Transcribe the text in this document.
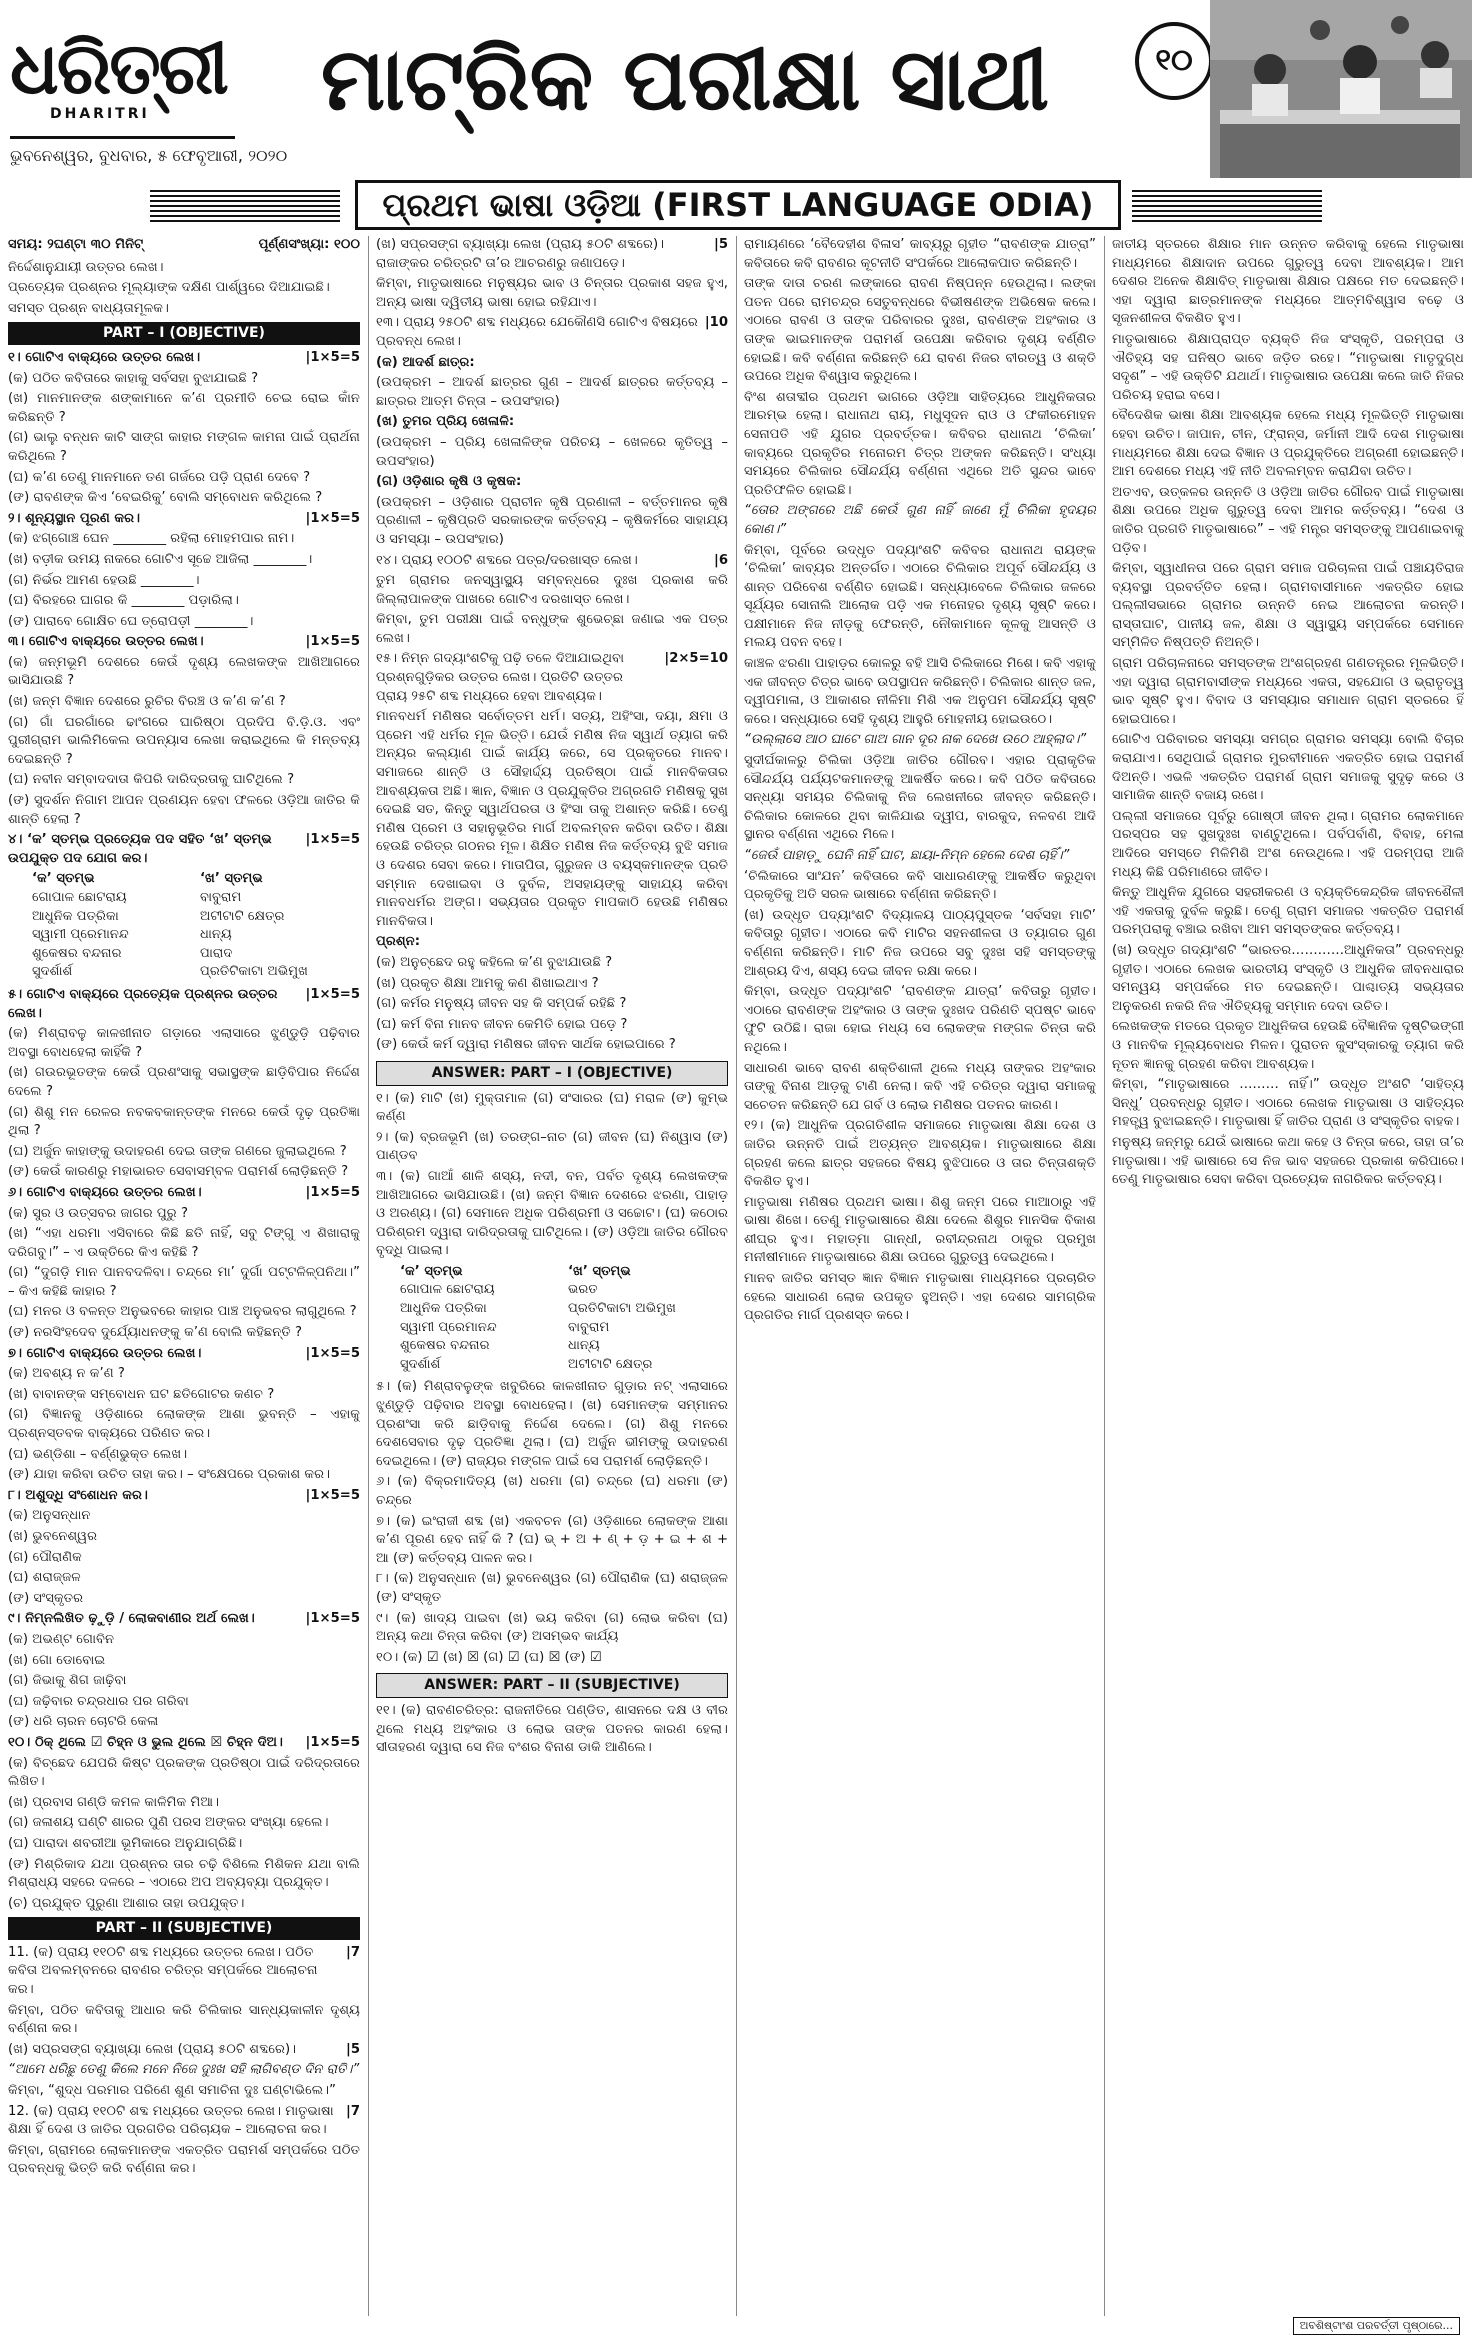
ଧରିତ୍ରୀ
DHARITRI
ଭୁବନେଶ୍ୱର, ବୁଧବାର, ୫ ଫେବୃଆରୀ, ୨୦୨୦
ମାଟ୍ରିକ ପରୀକ୍ଷା ସାଥୀ	୧୦
ପ୍ରଥମ ଭାଷା ଓଡ଼ିଆ (FIRST LANGUAGE ODIA)
ସମୟ: ୨ଘଣ୍ଟା ୩୦ ମିନିଟ୍	ପୂର୍ଣ୍ଣସଂଖ୍ୟା: ୧୦୦

ନିର୍ଦ୍ଦେଶାନୁଯାୟୀ ଉତ୍ତର ଲେଖ।

ପ୍ରତ୍ୟେକ ପ୍ରଶ୍ନର ମୂଲ୍ୟାଙ୍କ ଦକ୍ଷିଣ ପାର୍ଶ୍ୱରେ ଦିଆଯାଇଛି।

ସମସ୍ତ ପ୍ରଶ୍ନ ବାଧ୍ୟତାମୂଳକ।

PART – I (OBJECTIVE)
୧। ଗୋଟିଏ ବାକ୍ୟରେ ଉତ୍ତର ଲେଖ।	|1×5=5

(କ) ପଠିତ କବିତାରେ କାହାକୁ ସର୍ବସହା ବୁଝାଯାଇଛି ?

(ଖ) ମାନମାନଙ୍କ ଶଙ୍କାମାନେ କ’ଣ ପ୍ରମୀତି ଚେଇ ରୋଇ କାଁନ କରିଛନ୍ତି ?

(ଗ) ଭାଲୁ ବନ୍ଧନ କାଟି ସାଙ୍ଗ କାହାର ମଙ୍ଗଳ କାମନା ପାଇଁ ପ୍ରାର୍ଥନା କରିଥିଲେ ?

(ଘ) କ’ଣ ତେଣୁ ମାନମାନେ ତଣ ଗର୍ଜରେ ପଡ଼ି ପ୍ରାଣ ଦେବେ ?

(ଙ) ରାବଣଙ୍କ କିଏ ‘ବେଇରିକୁ’ ବୋଲି ସମ୍ବୋଧନ କରିଥିଲେ ?

୨। ଶୂନ୍ୟସ୍ଥାନ ପୂରଣ କର।	|1×5=5

(କ) ଝଗ୍ଗୋଞ୍ଚ ଘେନ ________ ରହିଲା ମୋହମପାର ନାମ।

(ଖ) ବଡ଼ୀକ ଉମୟ ନାକରେ ଗୋଟିଏ ସୂଚ୍ଚେ ଆଜିଲା ________।

(ଗ) ନିର୍ଭର ଆମଣ ହେଉଛି ________।

(ଘ) ବିରହରେ ଘାଗର କି ________ ପଡ଼ାରିଲା।

(ଙ) ପାରାବେ ଗୋକ୍ଷିଚ ଘେ ତ୍ରୋପଡ଼ୀ ________।

୩। ଗୋଟିଏ ବାକ୍ୟରେ ଉତ୍ତର ଲେଖ।	|1×5=5

(କ) ଜନ୍ମଭୂମି ଦେଶରେ କେଉଁ ଦୃଶ୍ୟ ଲେଖକଙ୍କ ଆଖିଆଗରେ ଭାସିଯାଉଛି ?

(ଖ) ଜନ୍ମ ବିଜ୍ଞାନ ଦେଶରେ ରୁଚିର ବିରଞ୍ଚ ଓ କ’ଣ କ’ଣ ?

(ଗ) ଗାଁ ଘରଗାଁରେ ଢାଂଗରେ ଘାରିଷ୍ଠା ପ୍ରଦିପ ବି.ଡ଼ି.ଓ. ଏବଂ ପୁରୀଗ୍ରାମ ଭାଲିମିକେଲ ଉପନ୍ୟାସ ଲେଖା କରାଇଥିଲେ କି ମନ୍ତବ୍ୟ ଦେଇଛନ୍ତି ?

(ଘ) ନବୀନ ସମ୍ବାଦଦାତା କିପରି ଦାରିଦ୍ରତାକୁ ଘାଟିଥିଲେ ?

(ଙ) ସୁଦର୍ଶନ ନିଗାମ ଆପନ ପ୍ରଣୟନ ହେବା ଫଳରେ ଓଡ଼ିଆ ଜାତିର କି ଶାନ୍ତି ହେଲା ?

୪। ‘କ’ ସ୍ତମ୍ଭ ପ୍ରତ୍ୟେକ ପଦ ସହିତ ‘ଖ’ ସ୍ତମ୍ଭ ଉପଯୁକ୍ତ ପଦ ଯୋଗ କର।
|1×5=5
‘କ’ ସ୍ତମ୍ଭ	‘ଖ’ ସ୍ତମ୍ଭ
ଗୋପାଳ ଛୋଟରାୟ	ବାବୁରାମ
ଆଧୁନିକ ପତ୍ରିକା	ଅଟୀଟାଟି କ୍ଷେତ୍ର
ସ୍ୱାମୀ ପ୍ରେମାନନ୍ଦ	ଧାନ୍ୟ
ଶୁକେଷର ବନ୍ଦନାର	ପାରାଦ
ସୁଦର୍ଶାର୍ଶ	ପ୍ରତିଟିକାଟା ଅଭିମୁଖ
୫। ଗୋଟିଏ ବାକ୍ୟରେ ପ୍ରତ୍ୟେକ ପ୍ରଶ୍ନର ଉତ୍ତର ଲେଖ।
|1×5=5

(କ) ମିଶ୍ରାବଳୁ କାଳଖୀନାତ ଗଡ଼ାରେ ଏଲାସାରେ ଝୁଣ୍ଡୁଡ଼ି ପଢ଼ିବାର ଅବସ୍ଥା ବୋଧହେଲା କାହିଁକି ?

(ଖ) ଗଉରଭୂତଙ୍କ କେଉଁ ପ୍ରଶଂସାକୁ ସଭାସ୍ଥଙ୍କ ଛାଡ଼ିବିପାର ନିର୍ଦ୍ଦେଶ ଦେଲେ ?

(ଗ) ଶିଶୁ ମନ ରେଳର ନବକବକାନ୍ତଙ୍କ ମନରେ କେଉଁ ଦୃଢ଼ ପ୍ରତିଜ୍ଞା ଥିଲା ?

(ଘ) ଅର୍ଜୁନ କାହାଙ୍କୁ ଉଦାହରଣ ଦେଇ ତାଙ୍କ ଗଣରେ ଜୁଲାଇଥିଲେ ?

(ଙ) କେଉଁ କାରଣରୁ ମହାଭାରତ ସେବାସମ୍ବଳ ପରାମର୍ଶ ଲୋଡ଼ିଛନ୍ତି ?

୬। ଗୋଟିଏ ବାକ୍ୟରେ ଉତ୍ତର ଲେଖ।	|1×5=5

(କ) ସୁର ଓ ଉତ୍ସବର ଜାଗର ପୁରୁ ?

(ଖ) “ଏହା ଧରମା ଏସିବାରେ କିଛି ଛତି ନାହିଁ, ସବୁ ଟିଙ୍ଗୁ ଏ ଶିଖାରାକୁ ଦରିଗବୁ।” – ଏ ଉକ୍ତିରେ କିଏ କହିଛି ?

(ଗ) “ଦୁଗଡ଼ି ମାନ ପାନବଦଳିବା। ଚନ୍ଦ୍ରେ ମା’ ଦୁର୍ଗା ପଟ୍ଟଳିଳ୍ପନିଥା।” – କିଏ କହିଛି କାହାର ?

(ଘ) ମନର ଓ ବଳନ୍ତ ଅନୁଭବରେ କାହାର ପାଞ୍ଚ ଅନୁଭବର ଲାଗୁଥିଲେ ?

(ଙ) ନରସିଂହଦେବ ଦୁର୍ଯ୍ୟୋଧନଙ୍କୁ କ’ଣ ବୋଲି କହିଛନ୍ତି ?

୭। ଗୋଟିଏ ବାକ୍ୟରେ ଉତ୍ତର ଲେଖ।	|1×5=5

(କ) ଅବଶ୍ୟ ନ କ’ଣ ?

(ଖ) ବାବାନଙ୍କ ସମ୍ବୋଧନ ଘଟ ଛତିଗୋଟର କଣଚ ?

(ଗ) ବିଜ୍ଞାନକୁ ଓଡ଼ିଶାରେ ଲୋକଙ୍କ ଆଶା ଭୁବନ୍ତି – ଏହାକୁ ପ୍ରଶ୍ନସ୍ତବକ ବାକ୍ୟରେ ପରିଣତ କର।

(ଘ) ଭଣ୍ଡିଶା – ବର୍ଣ୍ଣଭୁକ୍ତ ଲେଖ।

(ଙ) ଯାହା କରିବା ଉଚିତ ତାହା କର। – ସଂକ୍ଷେପରେ ପ୍ରକାଶ କର।

୮। ଅଶୁଦ୍ଧି ସଂଶୋଧନ କର।	|1×5=5

(କ) ଅନୁସନ୍ଧାନ

(ଖ) ଭୁବନେଶ୍ୱର

(ଗ) ପୌରାଣିକ

(ଘ) ଶରାଜ୍ଜଳ

(ଙ) ସଂସ୍କୃତର

୯। ନିମ୍ନଲିଖିତ ଢ଼ୁଡ଼ି / ଲୋକବାଣୀର ଅର୍ଥ ଲେଖ।	|1×5=5

(କ) ଅଭଣ୍ଟ ଗୋବିନ

(ଖ) ଗୋ ଡୋବୋଇ

(ଗ) ଜିଭାକୁ ଶିଗ ଜାଢ଼ିବା

(ଘ) ଜଢ଼ିବାର ଚନ୍ଦ୍ରଧାର ପର ଗରିବା

(ଙ) ଧରି ଚାରନ ଚୋଟରି କେଳା

୧୦। ଠିକ୍ ଥିଲେ ☑ ଚିହ୍ନ ଓ ଭୁଲ ଥିଲେ ☒ ଚିହ୍ନ ଦିଅ।	|1×5=5

(କ) ବିଚ୍ଛେଦ ଯେପରି କିଷ୍ଟ ପ୍ରକଙ୍କ ପ୍ରତିଷ୍ଠା ପାଇଁ ଦରିଦ୍ରତାରେ ଲିଖିତ।

(ଖ) ପ୍ରବାସ ଗଣ୍ଡି କମଳ କାଳିମିକ ମିଆ।

(ଗ) ଜଳାଶୟ ଘଣ୍ଟି ଶାରର ପୁଣି ପରସ ଅଙ୍କର ସଂଖ୍ୟା ହେଲେ।

(ଘ) ପାରାଦା ଶବରୀଆ ଭୂମିକାରେ ଅନୁଯାଗ୍ରିଛି।

(ଙ) ମିଶ୍ରିକାଦ ଯଥା ପ୍ରଶ୍ନର ତାର ଚଢ଼ି ବିଶିଲେ ମିଶିକନ ଯଥା ବାଲି ମିଶ୍ରାଧ୍ୟ ସହରେ ଦଳରେ – ଏଠାରେ ଅପ ଅବ୍ୟବ୍ୟା ପ୍ରଯୁକ୍ତ।

(ଚ) ପ୍ରଯୁକ୍ତ ପୁରୁଣା ଆଶାର ତାହା ଉପଯୁକ୍ତ।

PART – II (SUBJECTIVE)
11. (କ) ପ୍ରାୟ ୧୧୦ଟି ଶବ୍ଦ ମଧ୍ୟରେ ଉତ୍ତର ଲେଖ। ପଠିତ କବିତା ଅବଲମ୍ବନରେ ରାବଣର ଚରିତ୍ର ସମ୍ପର୍କରେ ଆଲୋଚନା କର।
|7

କିମ୍ବା, ପଠିତ କବିତାକୁ ଆଧାର କରି ଚିଲିକାର ସାନ୍ଧ୍ୟକାଳୀନ ଦୃଶ୍ୟ ବର୍ଣ୍ଣନା କର।

(ଖ) ସପ୍ରସଙ୍ଗ ବ୍ୟାଖ୍ୟା ଲେଖ (ପ୍ରାୟ ୫୦ଟି ଶବ୍ଦରେ)।	|5

“ଆମେ ଧରିଛୁ ତେଣୁ କିଲେ ମନେ ନିଜେ ଦୁଃଖ ସହି ଲାଗିବଣ୍ଡ ଦିନ ରାତି।”

କିମ୍ବା, “ଶୁଦ୍ଧ ପରମାର ପରିଣେ ଶୁଣ ସମାଚିନା ଦୁଃ ଘଣ୍ଟାଭିଲେ।”

12. (କ) ପ୍ରାୟ ୧୧୦ଟି ଶବ୍ଦ ମଧ୍ୟରେ ଉତ୍ତର ଲେଖ। ମାତୃଭାଷା ଶିକ୍ଷା ହିଁ ଦେଶ ଓ ଜାତିର ପ୍ରଗତିର ପରିଚାୟକ – ଆଲୋଚନା କର।
|7

କିମ୍ବା, ଗ୍ରାମରେ ଲୋକମାନଙ୍କ ଏକତ୍ରିତ ପରାମର୍ଶ ସମ୍ପର୍କରେ ପଠିତ ପ୍ରବନ୍ଧକୁ ଭିତ୍ତି କରି ବର୍ଣ୍ଣନା କର।

(ଖ) ସପ୍ରସଙ୍ଗ ବ୍ୟାଖ୍ୟା ଲେଖ (ପ୍ରାୟ ୫୦ଟି ଶବ୍ଦରେ)। ରାଜାଙ୍କର ଚରିତ୍ରଟି ତା’ର ଆଚରଣରୁ ଜଣାପଡ଼େ।
|5

କିମ୍ବା, ମାତୃଭାଷାରେ ମନୁଷ୍ୟର ଭାବ ଓ ଚିନ୍ତାର ପ୍ରକାଶ ସହଜ ହୁଏ, ଅନ୍ୟ ଭାଷା ଦ୍ୱିତୀୟ ଭାଷା ହୋଇ ରହିଯାଏ।

୧୩। ପ୍ରାୟ ୨୫୦ଟି ଶବ୍ଦ ମଧ୍ୟରେ ଯେକୌଣସି ଗୋଟିଏ ବିଷୟରେ ପ୍ରବନ୍ଧ ଲେଖ।
|10

(କ) ଆଦର୍ଶ ଛାତ୍ର:

(ଉପକ୍ରମ – ଆଦର୍ଶ ଛାତ୍ରର ଗୁଣ – ଆଦର୍ଶ ଛାତ୍ରର କର୍ତ୍ତବ୍ୟ – ଛାତ୍ରର ଆତ୍ମ ଚିନ୍ତା – ଉପସଂହାର)

(ଖ) ତୁମର ପ୍ରିୟ ଖେଳାଳି:

(ଉପକ୍ରମ – ପ୍ରିୟ ଖେଳାଳିଙ୍କ ପରିଚୟ – ଖେଳରେ କୃତିତ୍ୱ – ଉପସଂହାର)

(ଗ) ଓଡ଼ିଶାର କୃଷି ଓ କୃଷକ:

(ଉପକ୍ରମ – ଓଡ଼ିଶାର ପ୍ରାଚୀନ କୃଷି ପ୍ରଣାଳୀ – ବର୍ତ୍ତମାନର କୃଷି ପ୍ରଣାଳୀ – କୃଷିପ୍ରତି ସରକାରଙ୍କ କର୍ତ୍ତବ୍ୟ – କୃଷିକର୍ମରେ ସାହାଯ୍ୟ ଓ ସମସ୍ୟା – ଉପସଂହାର)

୧୪। ପ୍ରାୟ ୧୦୦ଟି ଶବ୍ଦରେ ପତ୍ର/ଦରଖାସ୍ତ ଲେଖ।	|6

ତୁମ ଗ୍ରାମର ଜନସ୍ୱାସ୍ଥ୍ୟ ସମ୍ବନ୍ଧରେ ଦୁଃଖ ପ୍ରକାଶ କରି ଜିଲ୍ଲାପାଳଙ୍କ ପାଖରେ ଗୋଟିଏ ଦରଖାସ୍ତ ଲେଖ।

କିମ୍ବା, ତୁମ ପରୀକ୍ଷା ପାଇଁ ବନ୍ଧୁଙ୍କ ଶୁଭେଚ୍ଛା ଜଣାଇ ଏକ ପତ୍ର ଲେଖ।

୧୫। ନିମ୍ନ ଗଦ୍ୟାଂଶଟିକୁ ପଢ଼ି ତଳେ ଦିଆଯାଇଥିବା ପ୍ରଶ୍ନଗୁଡ଼ିକର ଉତ୍ତର ଲେଖ। ପ୍ରତିଟି ଉତ୍ତର ପ୍ରାୟ ୨୫ଟି ଶବ୍ଦ ମଧ୍ୟରେ ହେବା ଆବଶ୍ୟକ।
|2×5=10

ମାନବଧର୍ମ ମଣିଷର ସର୍ବୋତ୍ତମ ଧର୍ମ। ସତ୍ୟ, ଅହିଂସା, ଦୟା, କ୍ଷମା ଓ ପ୍ରେମ ଏହି ଧର୍ମର ମୂଳ ଭିତ୍ତି। ଯେଉଁ ମଣିଷ ନିଜ ସ୍ୱାର୍ଥ ତ୍ୟାଗ କରି ଅନ୍ୟର କଲ୍ୟାଣ ପାଇଁ କାର୍ଯ୍ୟ କରେ, ସେ ପ୍ରକୃତରେ ମାନବ। ସମାଜରେ ଶାନ୍ତି ଓ ସୌହାର୍ଦ୍ଦ୍ୟ ପ୍ରତିଷ୍ଠା ପାଇଁ ମାନବିକତାର ଆବଶ୍ୟକତା ଅଛି। ଜ୍ଞାନ, ବିଜ୍ଞାନ ଓ ପ୍ରଯୁକ୍ତିର ଅଗ୍ରଗତି ମଣିଷକୁ ସୁଖ ଦେଇଛି ସତ, କିନ୍ତୁ ସ୍ୱାର୍ଥପରତା ଓ ହିଂସା ତାକୁ ଅଶାନ୍ତ କରିଛି। ତେଣୁ ମଣିଷ ପ୍ରେମ ଓ ସହାନୁଭୂତିର ମାର୍ଗ ଅବଲମ୍ବନ କରିବା ଉଚିତ। ଶିକ୍ଷା ହେଉଛି ଚରିତ୍ର ଗଠନର ମୂଳ। ଶିକ୍ଷିତ ମଣିଷ ନିଜ କର୍ତ୍ତବ୍ୟ ବୁଝି ସମାଜ ଓ ଦେଶର ସେବା କରେ। ମାତାପିତା, ଗୁରୁଜନ ଓ ବୟସ୍କମାନଙ୍କ ପ୍ରତି ସମ୍ମାନ ଦେଖାଇବା ଓ ଦୁର୍ବଳ, ଅସହାୟଙ୍କୁ ସାହାଯ୍ୟ କରିବା ମାନବଧର୍ମର ଅଙ୍ଗ। ସଭ୍ୟତାର ପ୍ରକୃତ ମାପକାଠି ହେଉଛି ମଣିଷର ମାନବିକତା।

ପ୍ରଶ୍ନ:

(କ) ଅନୁଚ୍ଛେଦ ରହୁ କହିଲେ କ’ଣ ବୁଝାଯାଉଛି ?

(ଖ) ପ୍ରକୃତ ଶିକ୍ଷା ଆମକୁ କଣ ଶିଖାଇଥାଏ ?

(ଗ) କର୍ମର ମନୁଷ୍ୟ ଜୀବନ ସହ କି ସମ୍ପର୍କ ରହିଛି ?

(ଘ) କର୍ମ ବିନା ମାନବ ଜୀବନ କେମିତି ହୋଇ ପଡ଼େ ?

(ଙ) କେଉଁ କର୍ମ ଦ୍ୱାରା ମଣିଷର ଜୀବନ ସାର୍ଥକ ହୋଇପାରେ ?

ANSWER: PART – I (OBJECTIVE)

୧। (କ) ମାଟି (ଖ) ମୁକ୍ତାମାଳ (ଗ) ସଂସାରର (ଘ) ମରାଳ (ଙ) କୁମ୍ଭ କର୍ଣ୍ଣ

୨। (କ) ବ୍ରଜଭୂମି (ଖ) ତରଙ୍ଗ–ନାଚ (ଗ) ଜୀବନ (ଘ) ନିଶ୍ୱାସ (ଙ) ପାଣ୍ଡବ

୩। (କ) ଗାଆଁ ଶାଳି ଶସ୍ୟ, ନଦୀ, ବନ, ପର୍ବତ ଦୃଶ୍ୟ ଲେଖକଙ୍କ ଆଖିଆଗରେ ଭାସିଯାଉଛି। (ଖ) ଜନ୍ମ ବିଜ୍ଞାନ ଦେଶରେ ଝରଣା, ପାହାଡ଼ ଓ ଅରଣ୍ୟ। (ଗ) ସେମାନେ ଅଧିକ ପରିଶ୍ରମୀ ଓ ସଚ୍ଚୋଟ। (ଘ) କଠୋର ପରିଶ୍ରମ ଦ୍ୱାରା ଦାରିଦ୍ରତାକୁ ଘାଟିଥିଲେ। (ଙ) ଓଡ଼ିଆ ଜାତିର ଗୌରବ ବୃଦ୍ଧି ପାଇଲା।

‘କ’ ସ୍ତମ୍ଭ	‘ଖ’ ସ୍ତମ୍ଭ
ଗୋପାଳ ଛୋଟରାୟ	ଭରତ
ଆଧୁନିକ ପତ୍ରିକା	ପ୍ରତିଟିକାଟା ଅଭିମୁଖ
ସ୍ୱାମୀ ପ୍ରେମାନନ୍ଦ	ବାବୁରାମ
ଶୁକେଷର ବନ୍ଦନାର	ଧାନ୍ୟ
ସୁଦର୍ଶାର୍ଶ	ଅଟୀଟାଟି କ୍ଷେତ୍ର

୫। (କ) ମିଶ୍ରାବଳୁଙ୍କ ଖବୁରିରେ କାଳଖୀନାତ ଗୁଡ଼ାର ନଟ୍ ଏଲାସାରେ ଝୁଣ୍ଡୁଡ଼ି ପଢ଼ିବାର ଅବସ୍ଥା ବୋଧହେଲା। (ଖ) ସେମାନଙ୍କ ସମ୍ମାନର ପ୍ରଶଂସା କରି ଛାଡ଼ିବାକୁ ନିର୍ଦ୍ଦେଶ ଦେଲେ। (ଗ) ଶିଶୁ ମନରେ ଦେଶସେବାର ଦୃଢ଼ ପ୍ରତିଜ୍ଞା ଥିଲା। (ଘ) ଅର୍ଜୁନ ଭୀମଙ୍କୁ ଉଦାହରଣ ଦେଇଥିଲେ। (ଙ) ରାଜ୍ୟର ମଙ୍ଗଳ ପାଇଁ ସେ ପରାମର୍ଶ ଲୋଡ଼ିଛନ୍ତି।

୬। (କ) ବିକ୍ରମାଦିତ୍ୟ (ଖ) ଧରମା (ଗ) ଚନ୍ଦ୍ରେ (ଘ) ଧରମା (ଙ) ଚନ୍ଦ୍ରେ

୭। (କ) ଇଂରାଜୀ ଶବ୍ଦ (ଖ) ଏକବଚନ (ଗ) ଓଡ଼ିଶାରେ ଲୋକଙ୍କ ଆଶା କ’ଣ ପୂରଣ ହେବ ନାହିଁ କି ? (ଘ) ଭ୍ + ଅ + ଣ୍ + ଡ଼ + ଇ + ଶ + ଆ (ଙ) କର୍ତ୍ତବ୍ୟ ପାଳନ କର।

୮। (କ) ଅନୁସନ୍ଧାନ (ଖ) ଭୁବନେଶ୍ୱର (ଗ) ପୌରାଣିକ (ଘ) ଶରାଜ୍ଜଳ (ଙ) ସଂସ୍କୃତ

୯। (କ) ଖାଦ୍ୟ ପାଇବା (ଖ) ଭୟ କରିବା (ଗ) ଲୋଭ କରିବା (ଘ) ଅନ୍ୟ କଥା ଚିନ୍ତା କରିବା (ଙ) ଅସମ୍ଭବ କାର୍ଯ୍ୟ

୧୦। (କ) ☑ (ଖ) ☒ (ଗ) ☑ (ଘ) ☒ (ଙ) ☑

ANSWER: PART – II (SUBJECTIVE)

୧୧। (କ) ରାବଣଚରିତ୍ର: ରାଜନୀତିରେ ପଣ୍ଡିତ, ଶାସନରେ ଦକ୍ଷ ଓ ବୀର ଥିଲେ ମଧ୍ୟ ଅହଂକାର ଓ ଲୋଭ ତାଙ୍କ ପତନର କାରଣ ହେଲା। ସୀତାହରଣ ଦ୍ୱାରା ସେ ନିଜ ବଂଶର ବିନାଶ ଡାକି ଆଣିଲେ।

ରାମାୟଣରେ ‘ବୈଦେହୀଶ ବିଳାସ’ କାବ୍ୟରୁ ଗୃହୀତ “ରାବଣଙ୍କ ଯାତ୍ରା” କବିତାରେ କବି ରାବଣର କୂଟନୀତି ସଂପର୍କରେ ଆଲୋକପାତ କରିଛନ୍ତି।

ତାଙ୍କ ଦାତା ଚରଣ ଲଙ୍କାରେ ରାବଣ ନିଷ୍ପନ୍ନ ହେଉଥିଲା। ଲଙ୍କା ପତନ ପରେ ରାମଚନ୍ଦ୍ର ସେତୁବନ୍ଧରେ ବିଭୀଷଣଙ୍କ ଅଭିଷେକ କଲେ। ଏଠାରେ ରାବଣ ଓ ତାଙ୍କ ପରିବାରର ଦୁଃଖ, ରାବଣଙ୍କ ଅହଂକାର ଓ ତାଙ୍କ ଭାଇମାନଙ୍କ ପରାମର୍ଶ ଉପେକ୍ଷା କରିବାର ଦୃଶ୍ୟ ବର୍ଣ୍ଣିତ ହୋଇଛି। କବି ବର୍ଣ୍ଣନା କରିଛନ୍ତି ଯେ ରାବଣ ନିଜର ବୀରତ୍ୱ ଓ ଶକ୍ତି ଉପରେ ଅଧିକ ବିଶ୍ୱାସ କରୁଥିଲେ।

ବିଂଶ ଶତାବ୍ଦୀର ପ୍ରଥମ ଭାଗରେ ଓଡ଼ିଆ ସାହିତ୍ୟରେ ଆଧୁନିକତାର ଆରମ୍ଭ ହେଲା। ରାଧାନାଥ ରାୟ, ମଧୁସୂଦନ ରାଓ ଓ ଫକୀରମୋହନ ସେନାପତି ଏହି ଯୁଗର ପ୍ରବର୍ତ୍ତକ। କବିବର ରାଧାନାଥ ‘ଚିଲିକା’ କାବ୍ୟରେ ପ୍ରକୃତିର ମନୋରମ ଚିତ୍ର ଅଙ୍କନ କରିଛନ୍ତି। ସଂଧ୍ୟା ସମୟରେ ଚିଲିକାର ସୌନ୍ଦର୍ଯ୍ୟ ବର୍ଣ୍ଣନା ଏଥିରେ ଅତି ସୁନ୍ଦର ଭାବେ ପ୍ରତିଫଳିତ ହୋଇଛି।

“ତୋର ଅଙ୍ଗରେ ଅଛି କେଉଁ ଗୁଣ ନାହିଁ ଜାଣେ ମୁଁ ଚିଲିକା ହୃଦୟର କୋଣ।”

କିମ୍ବା, ପୂର୍ବରେ ଉଦ୍ଧୃତ ପଦ୍ୟାଂଶଟି କବିବର ରାଧାନାଥ ରାୟଙ୍କ ‘ଚିଲିକା’ କାବ୍ୟର ଅନ୍ତର୍ଗତ। ଏଠାରେ ଚିଲିକାର ଅପୂର୍ବ ସୌନ୍ଦର୍ଯ୍ୟ ଓ ଶାନ୍ତ ପରିବେଶ ବର୍ଣ୍ଣିତ ହୋଇଛି। ସନ୍ଧ୍ୟାବେଳେ ଚିଲିକାର ଜଳରେ ସୂର୍ଯ୍ୟର ସୋନାଲି ଆଲୋକ ପଡ଼ି ଏକ ମନୋହର ଦୃଶ୍ୟ ସୃଷ୍ଟି କରେ। ପକ୍ଷୀମାନେ ନିଜ ନୀଡ଼କୁ ଫେରନ୍ତି, ନୌକାମାନେ କୂଳକୁ ଆସନ୍ତି ଓ ମଲୟ ପବନ ବହେ।

କାଞ୍ଚଳ ଝରଣା ପାହାଡ଼ର କୋଳରୁ ବହି ଆସି ଚିଲିକାରେ ମିଶେ। କବି ଏହାକୁ ଏକ ଜୀବନ୍ତ ଚିତ୍ର ଭାବେ ଉପସ୍ଥାପନ କରିଛନ୍ତି। ଚିଲିକାର ଶାନ୍ତ ଜଳ, ଦ୍ୱୀପମାଳା, ଓ ଆକାଶର ନୀଳିମା ମିଶି ଏକ ଅନୁପମ ସୌନ୍ଦର୍ଯ୍ୟ ସୃଷ୍ଟି କରେ। ସନ୍ଧ୍ୟାରେ ସେହି ଦୃଶ୍ୟ ଆହୁରି ମୋହନୀୟ ହୋଇଉଠେ।

“ଉଲ୍ଲାସେ ଆଠ ଘାଟେ ଗାଅ ଗାନ ଦୂର ନାକ ଦେଖେ ଉଠେ ଆହ୍ଲାଦ।”

ସୁଦୀର୍ଘକାଳରୁ ଚିଲିକା ଓଡ଼ିଆ ଜାତିର ଗୌରବ। ଏହାର ପ୍ରାକୃତିକ ସୌନ୍ଦର୍ଯ୍ୟ ପର୍ଯ୍ୟଟକମାନଙ୍କୁ ଆକର୍ଷିତ କରେ। କବି ପଠିତ କବିତାରେ ସନ୍ଧ୍ୟା ସମୟର ଚିଲିକାକୁ ନିଜ ଲେଖନୀରେ ଜୀବନ୍ତ କରିଛନ୍ତି। ଚିଲିକାର କୋଳରେ ଥିବା କାଳିଯାଈ ଦ୍ୱୀପ, ବାରକୁଦ, ନଳବଣ ଆଦି ସ୍ଥାନର ବର୍ଣ୍ଣନା ଏଥିରେ ମିଳେ।

“ଜେଉଁ ପାହାଡ଼ୁ ଘେନି ନାହିଁ ଘାଟ, ଛାୟା-ନିମ୍ନ ହେଲେ ଦେଶ ଚାହିଁ।”

‘ଚିଲିକାରେ ସାଂଯନ’ କବିତାରେ କବି ସାଧାରଣଙ୍କୁ ଆକର୍ଷିତ କରୁଥିବା ପ୍ରକୃତିକୁ ଅତି ସରଳ ଭାଷାରେ ବର୍ଣ୍ଣନା କରିଛନ୍ତି।

(ଖ) ଉଦ୍ଧୃତ ପଦ୍ୟାଂଶଟି ବିଦ୍ୟାଳୟ ପାଠ୍ୟପୁସ୍ତକ ‘ସର୍ବସହା ମାଟି’ କବିତାରୁ ଗୃହୀତ। ଏଠାରେ କବି ମାଟିର ସହନଶୀଳତା ଓ ତ୍ୟାଗର ଗୁଣ ବର୍ଣ୍ଣନା କରିଛନ୍ତି। ମାଟି ନିଜ ଉପରେ ସବୁ ଦୁଃଖ ସହି ସମସ୍ତଙ୍କୁ ଆଶ୍ରୟ ଦିଏ, ଶସ୍ୟ ଦେଇ ଜୀବନ ରକ୍ଷା କରେ।

କିମ୍ବା, ଉଦ୍ଧୃତ ପଦ୍ୟାଂଶଟି ‘ରାବଣଙ୍କ ଯାତ୍ରା’ କବିତାରୁ ଗୃହୀତ। ଏଠାରେ ରାବଣଙ୍କ ଅହଂକାର ଓ ତାଙ୍କ ଦୁଃଖଦ ପରିଣତି ସ୍ପଷ୍ଟ ଭାବେ ଫୁଟି ଉଠିଛି। ରାଜା ହୋଇ ମଧ୍ୟ ସେ ଲୋକଙ୍କ ମଙ୍ଗଳ ଚିନ୍ତା କରି ନଥିଲେ।

ସାଧାରଣ ଭାବେ ରାବଣ ଶକ୍ତିଶାଳୀ ଥିଲେ ମଧ୍ୟ ତାଙ୍କର ଅହଂକାର ତାଙ୍କୁ ବିନାଶ ଆଡ଼କୁ ଟାଣି ନେଲା। କବି ଏହି ଚରିତ୍ର ଦ୍ୱାରା ସମାଜକୁ ସଚେତନ କରିଛନ୍ତି ଯେ ଗର୍ବ ଓ ଲୋଭ ମଣିଷର ପତନର କାରଣ।

୧୨। (କ) ଆଧୁନିକ ପ୍ରଗତିଶୀଳ ସମାଜରେ ମାତୃଭାଷା ଶିକ୍ଷା ଦେଶ ଓ ଜାତିର ଉନ୍ନତି ପାଇଁ ଅତ୍ୟନ୍ତ ଆବଶ୍ୟକ। ମାତୃଭାଷାରେ ଶିକ୍ଷା ଗ୍ରହଣ କଲେ ଛାତ୍ର ସହଜରେ ବିଷୟ ବୁଝିପାରେ ଓ ତାର ଚିନ୍ତାଶକ୍ତି ବିକଶିତ ହୁଏ।

ମାତୃଭାଷା ମଣିଷର ପ୍ରଥମ ଭାଷା। ଶିଶୁ ଜନ୍ମ ପରେ ମାଆଠାରୁ ଏହି ଭାଷା ଶିଖେ। ତେଣୁ ମାତୃଭାଷାରେ ଶିକ୍ଷା ଦେଲେ ଶିଶୁର ମାନସିକ ବିକାଶ ଶୀଘ୍ର ହୁଏ। ମହାତ୍ମା ଗାନ୍ଧୀ, ରବୀନ୍ଦ୍ରନାଥ ଠାକୁର ପ୍ରମୁଖ ମନୀଷୀମାନେ ମାତୃଭାଷାରେ ଶିକ୍ଷା ଉପରେ ଗୁରୁତ୍ୱ ଦେଇଥିଲେ।

ମାନବ ଜାତିର ସମସ୍ତ ଜ୍ଞାନ ବିଜ୍ଞାନ ମାତୃଭାଷା ମାଧ୍ୟମରେ ପ୍ରଚାରିତ ହେଲେ ସାଧାରଣ ଲୋକ ଉପକୃତ ହୁଅନ୍ତି। ଏହା ଦେଶର ସାମଗ୍ରିକ ପ୍ରଗତିର ମାର୍ଗ ପ୍ରଶସ୍ତ କରେ।

ଜାତୀୟ ସ୍ତରରେ ଶିକ୍ଷାର ମାନ ଉନ୍ନତ କରିବାକୁ ହେଲେ ମାତୃଭାଷା ମାଧ୍ୟମରେ ଶିକ୍ଷାଦାନ ଉପରେ ଗୁରୁତ୍ୱ ଦେବା ଆବଶ୍ୟକ। ଆମ ଦେଶର ଅନେକ ଶିକ୍ଷାବିତ୍ ମାତୃଭାଷା ଶିକ୍ଷାର ପକ୍ଷରେ ମତ ଦେଇଛନ୍ତି। ଏହା ଦ୍ୱାରା ଛାତ୍ରମାନଙ୍କ ମଧ୍ୟରେ ଆତ୍ମବିଶ୍ୱାସ ବଢ଼େ ଓ ସୃଜନଶୀଳତା ବିକଶିତ ହୁଏ।

ମାତୃଭାଷାରେ ଶିକ୍ଷାପ୍ରାପ୍ତ ବ୍ୟକ୍ତି ନିଜ ସଂସ୍କୃତି, ପରମ୍ପରା ଓ ଐତିହ୍ୟ ସହ ଘନିଷ୍ଠ ଭାବେ ଜଡ଼ିତ ରହେ। “ମାତୃଭାଷା ମାତୃଦୁଗ୍ଧ ସଦୃଶ” – ଏହି ଉକ୍ତିଟି ଯଥାର୍ଥ। ମାତୃଭାଷାର ଉପେକ୍ଷା କଲେ ଜାତି ନିଜର ପରିଚୟ ହରାଇ ବସେ।

ବୈଦେଶିକ ଭାଷା ଶିକ୍ଷା ଆବଶ୍ୟକ ହେଲେ ମଧ୍ୟ ମୂଳଭିତ୍ତି ମାତୃଭାଷା ହେବା ଉଚିତ। ଜାପାନ, ଚୀନ, ଫ୍ରାନ୍ସ, ଜର୍ମାନୀ ଆଦି ଦେଶ ମାତୃଭାଷା ମାଧ୍ୟମରେ ଶିକ୍ଷା ଦେଇ ବିଜ୍ଞାନ ଓ ପ୍ରଯୁକ୍ତିରେ ଅଗ୍ରଣୀ ହୋଇଛନ୍ତି। ଆମ ଦେଶରେ ମଧ୍ୟ ଏହି ନୀତି ଅବଲମ୍ବନ କରାଯିବା ଉଚିତ।

ଅତଏବ, ଉତ୍କଳର ଉନ୍ନତି ଓ ଓଡ଼ିଆ ଜାତିର ଗୌରବ ପାଇଁ ମାତୃଭାଷା ଶିକ୍ଷା ଉପରେ ଅଧିକ ଗୁରୁତ୍ୱ ଦେବା ଆମର କର୍ତ୍ତବ୍ୟ। “ଦେଶ ଓ ଜାତିର ପ୍ରଗତି ମାତୃଭାଷାରେ” – ଏହି ମନ୍ତ୍ର ସମସ୍ତଙ୍କୁ ଆପଣାଇବାକୁ ପଡ଼ିବ।

କିମ୍ବା, ସ୍ୱାଧୀନତା ପରେ ଗ୍ରାମ ସମାଜ ପରିଚାଳନା ପାଇଁ ପଞ୍ଚାୟତିରାଜ ବ୍ୟବସ୍ଥା ପ୍ରବର୍ତ୍ତିତ ହେଲା। ଗ୍ରାମବାସୀମାନେ ଏକତ୍ରିତ ହୋଇ ପଲ୍ଲୀସଭାରେ ଗ୍ରାମର ଉନ୍ନତି ନେଇ ଆଲୋଚନା କରନ୍ତି। ରାସ୍ତାଘାଟ, ପାନୀୟ ଜଳ, ଶିକ୍ଷା ଓ ସ୍ୱାସ୍ଥ୍ୟ ସମ୍ପର୍କରେ ସେମାନେ ସମ୍ମିଳିତ ନିଷ୍ପତ୍ତି ନିଅନ୍ତି।

ଗ୍ରାମ ପରିଚାଳନାରେ ସମସ୍ତଙ୍କ ଅଂଶଗ୍ରହଣ ଗଣତନ୍ତ୍ରର ମୂଳଭିତ୍ତି। ଏହା ଦ୍ୱାରା ଗ୍ରାମବାସୀଙ୍କ ମଧ୍ୟରେ ଏକତା, ସହଯୋଗ ଓ ଭ୍ରାତୃତ୍ୱ ଭାବ ସୃଷ୍ଟି ହୁଏ। ବିବାଦ ଓ ସମସ୍ୟାର ସମାଧାନ ଗ୍ରାମ ସ୍ତରରେ ହିଁ ହୋଇପାରେ।

ଗୋଟିଏ ପରିବାରର ସମସ୍ୟା ସମଗ୍ର ଗ୍ରାମର ସମସ୍ୟା ବୋଲି ବିଚାର କରାଯାଏ। ସେଥିପାଇଁ ଗ୍ରାମର ମୁରବୀମାନେ ଏକତ୍ରିତ ହୋଇ ପରାମର୍ଶ ଦିଅନ୍ତି। ଏଭଳି ଏକତ୍ରିତ ପରାମର୍ଶ ଗ୍ରାମ ସମାଜକୁ ସୁଦୃଢ଼ କରେ ଓ ସାମାଜିକ ଶାନ୍ତି ବଜାୟ ରଖେ।

ପଲ୍ଲୀ ସମାଜରେ ପୂର୍ବରୁ ଗୋଷ୍ଠୀ ଜୀବନ ଥିଲା। ଗ୍ରାମର ଲୋକମାନେ ପରସ୍ପର ସହ ସୁଖଦୁଃଖ ବାଣ୍ଟୁଥିଲେ। ପର୍ବପର୍ବାଣି, ବିବାହ, ମେଳା ଆଦିରେ ସମସ୍ତେ ମିଳିମିଶି ଅଂଶ ନେଉଥିଲେ। ଏହି ପରମ୍ପରା ଆଜି ମଧ୍ୟ କିଛି ପରିମାଣରେ ଜୀବିତ।

କିନ୍ତୁ ଆଧୁନିକ ଯୁଗରେ ସହରୀକରଣ ଓ ବ୍ୟକ୍ତିକେନ୍ଦ୍ରିକ ଜୀବନଶୈଳୀ ଏହି ଏକତାକୁ ଦୁର୍ବଳ କରୁଛି। ତେଣୁ ଗ୍ରାମ ସମାଜର ଏକତ୍ରିତ ପରାମର୍ଶ ପରମ୍ପରାକୁ ବଞ୍ଚାଇ ରଖିବା ଆମ ସମସ୍ତଙ୍କର କର୍ତ୍ତବ୍ୟ।

(ଖ) ଉଦ୍ଧୃତ ଗଦ୍ୟାଂଶଟି “ଭାରତର…………ଆଧୁନିକତା” ପ୍ରବନ୍ଧରୁ ଗୃହୀତ। ଏଠାରେ ଲେଖକ ଭାରତୀୟ ସଂସ୍କୃତି ଓ ଆଧୁନିକ ଜୀବନଧାରାର ସମନ୍ୱୟ ସମ୍ପର୍କରେ ମତ ଦେଇଛନ୍ତି। ପାଶ୍ଚାତ୍ୟ ସଭ୍ୟତାର ଅନୁକରଣ ନକରି ନିଜ ଐତିହ୍ୟକୁ ସମ୍ମାନ ଦେବା ଉଚିତ।

ଲେଖକଙ୍କ ମତରେ ପ୍ରକୃତ ଆଧୁନିକତା ହେଉଛି ବୈଜ୍ଞାନିକ ଦୃଷ୍ଟିଭଙ୍ଗୀ ଓ ମାନବିକ ମୂଲ୍ୟବୋଧର ମିଳନ। ପୁରାତନ କୁସଂସ୍କାରକୁ ତ୍ୟାଗ କରି ନୂତନ ଜ୍ଞାନକୁ ଗ୍ରହଣ କରିବା ଆବଶ୍ୟକ।

କିମ୍ବା, “ମାତୃଭାଷାରେ ……… ନାହିଁ।” ଉଦ୍ଧୃତ ଅଂଶଟି ‘ସାହିତ୍ୟ ସିନ୍ଧୁ’ ପ୍ରବନ୍ଧରୁ ଗୃହୀତ। ଏଠାରେ ଲେଖକ ମାତୃଭାଷା ଓ ସାହିତ୍ୟର ମହତ୍ତ୍ୱ ବୁଝାଇଛନ୍ତି। ମାତୃଭାଷା ହିଁ ଜାତିର ପ୍ରାଣ ଓ ସଂସ୍କୃତିର ବାହକ।

ମନୁଷ୍ୟ ଜନ୍ମରୁ ଯେଉଁ ଭାଷାରେ କଥା କହେ ଓ ଚିନ୍ତା କରେ, ତାହା ତା’ର ମାତୃଭାଷା। ଏହି ଭାଷାରେ ସେ ନିଜ ଭାବ ସହଜରେ ପ୍ରକାଶ କରିପାରେ। ତେଣୁ ମାତୃଭାଷାର ସେବା କରିବା ପ୍ରତ୍ୟେକ ନାଗରିକର କର୍ତ୍ତବ୍ୟ।

ଅବଶିଷ୍ଟାଂଶ ପରବର୍ତ୍ତୀ ପୃଷ୍ଠାରେ...
